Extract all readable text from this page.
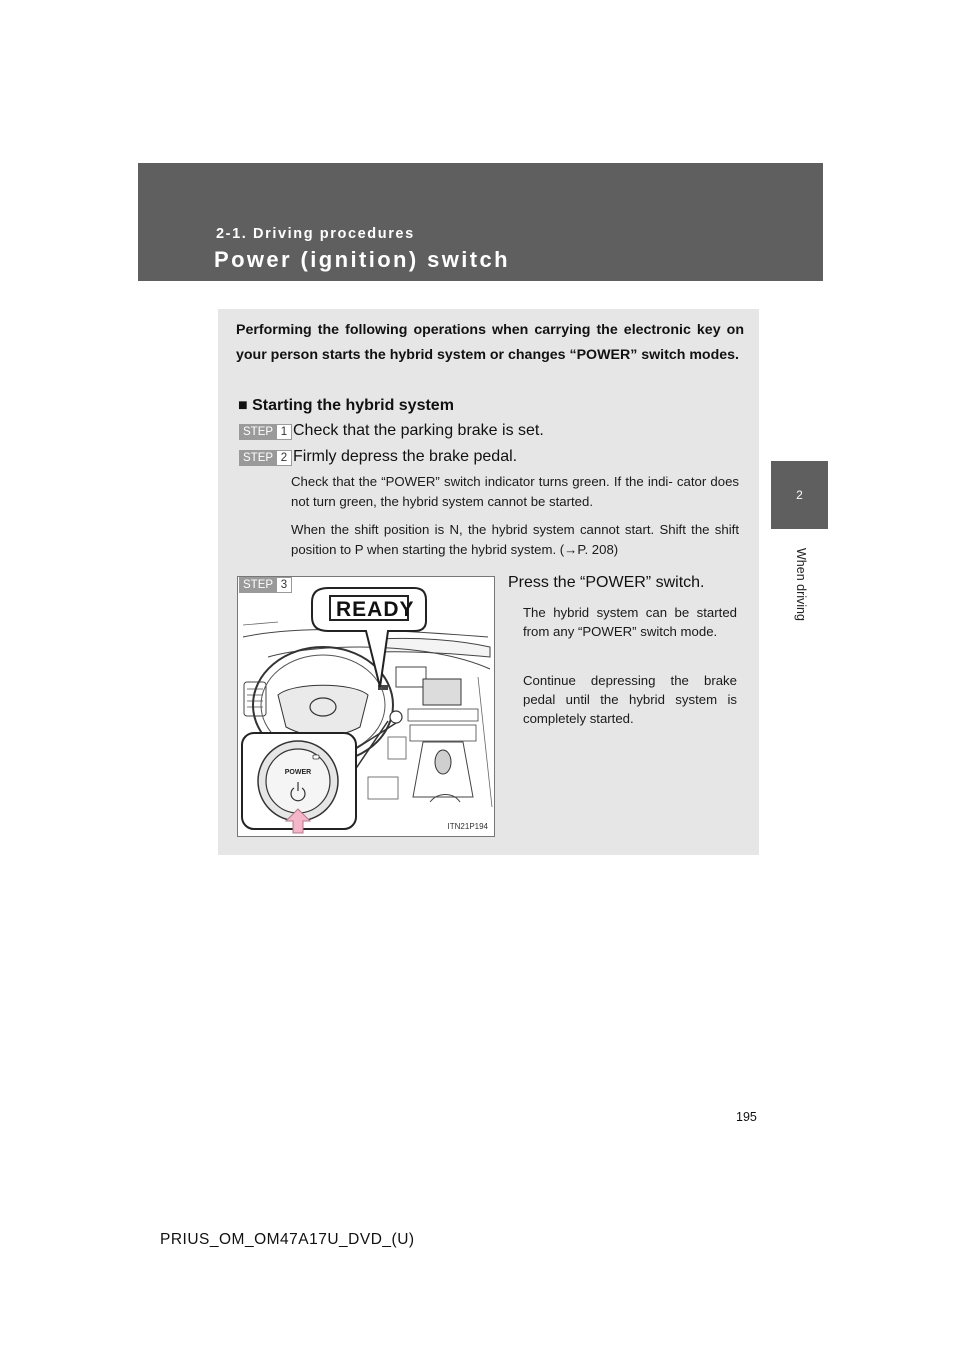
2-1. Driving procedures
Power (ignition) switch
2
When driving
Performing the following operations when carrying the electronic key on your person starts the hybrid system or changes “POWER” switch modes.
■ Starting the hybrid system
STEP 1 Check that the parking brake is set.
STEP 2 Firmly depress the brake pedal.
Check that the “POWER” switch indicator turns green. If the indi- cator does not turn green, the hybrid system cannot be started.
When the shift position is N, the hybrid system cannot start. Shift the shift position to P when starting the hybrid system. (→P. 208)
READY
POWER
ITN21P194
STEP 3	Press the “POWER” switch.
The hybrid system can be started from any “POWER” switch mode.
Continue depressing the brake pedal until the hybrid system is completely started.
195
PRIUS_OM_OM47A17U_DVD_(U)
